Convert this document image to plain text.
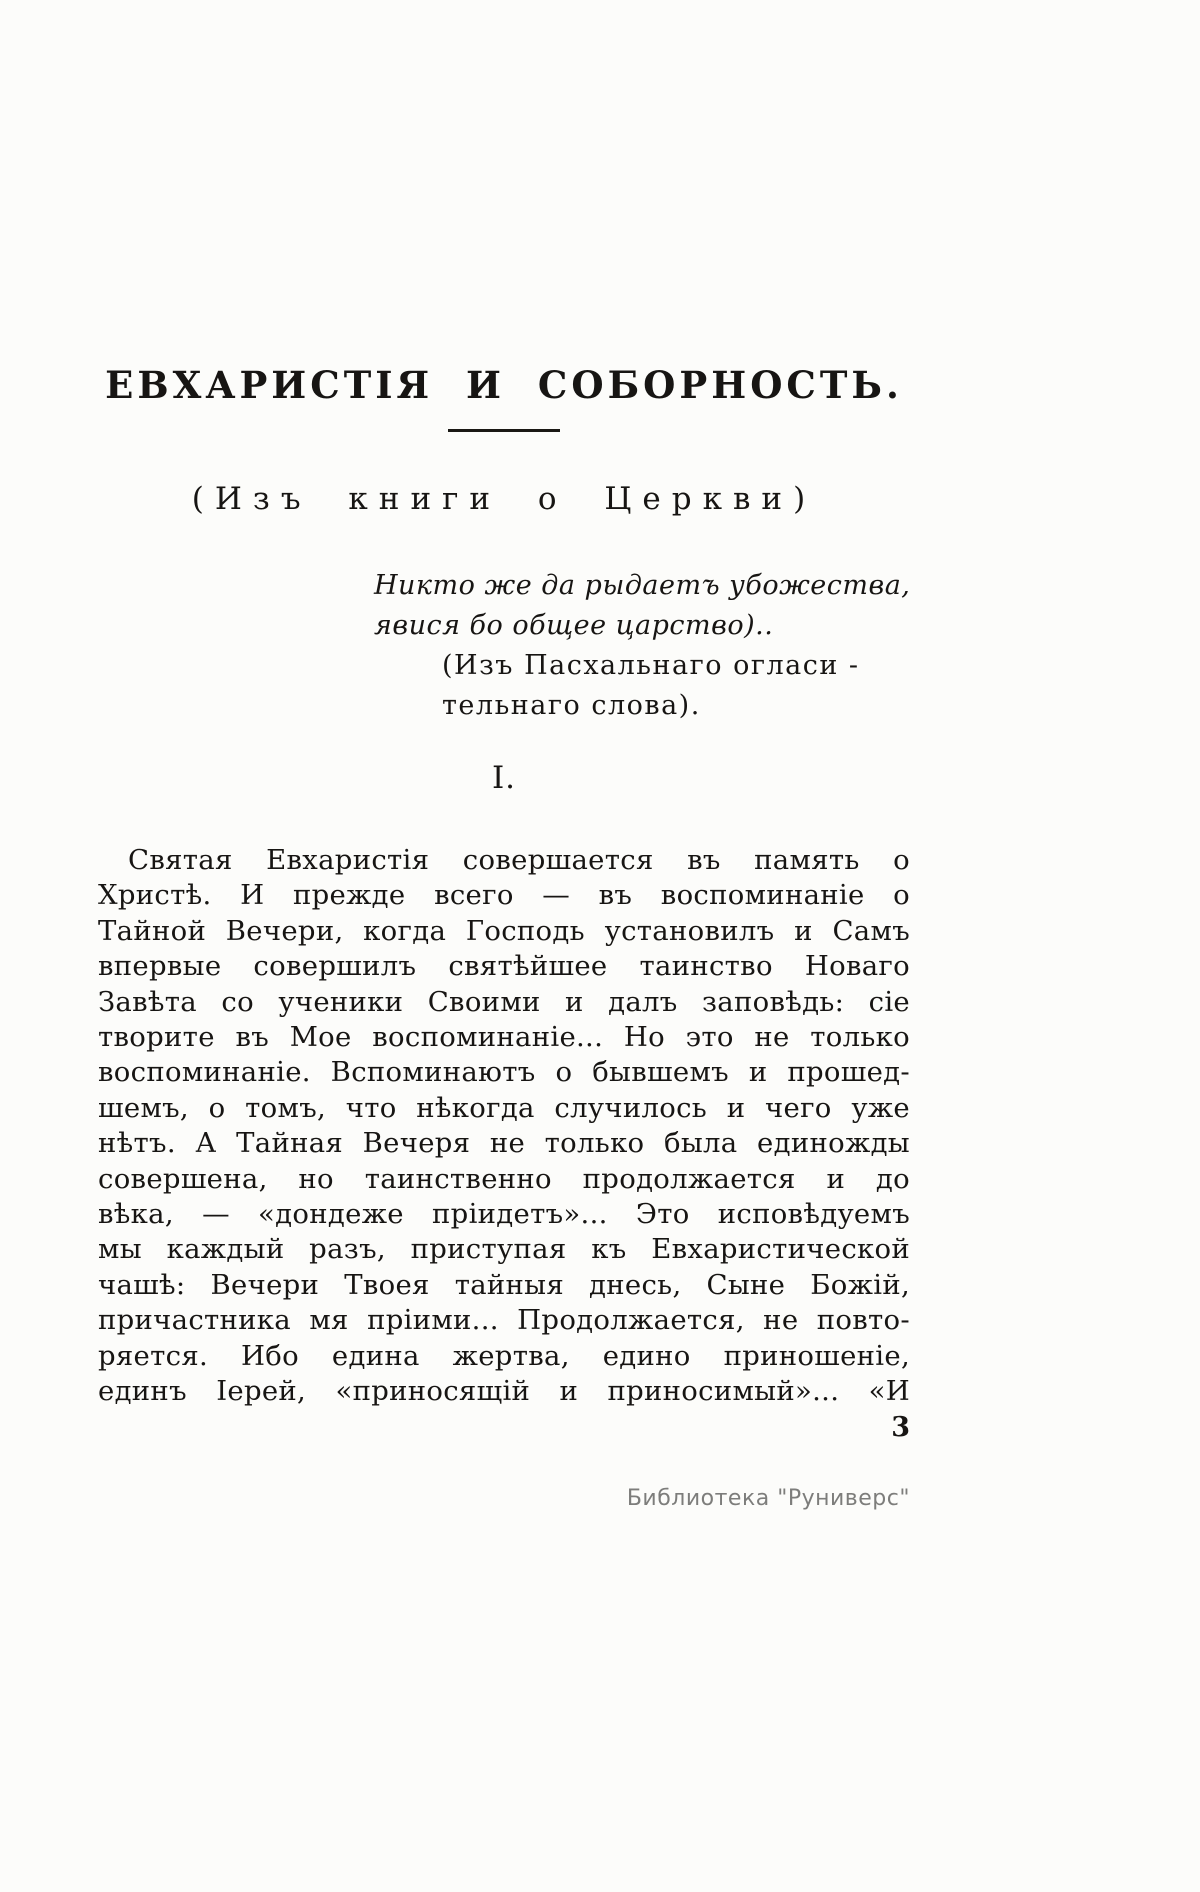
ЕВХАРИСТІЯ И СОБОРНОСТЬ.
(Изъ книги о Церкви)
Никто же да рыдаетъ убожества,
явися бо общее царство)..
(Изъ Пасхальнаго огласи -
тельнаго слова).
I.
Святая Евхаристія совершается въ память о
Христѣ. И прежде всего — въ воспоминаніе о
Тайной Вечери, когда Господь установилъ и Самъ
впервые совершилъ святѣйшее таинство Новаго
Завѣта со ученики Своими и далъ заповѣдь: сіе
творите въ Мое воспоминаніе... Но это не только
воспоминаніе. Вспоминаютъ о бывшемъ и прошед-
шемъ, о томъ, что нѣкогда случилось и чего уже
нѣтъ. А Тайная Вечеря не только была единожды
совершена, но таинственно продолжается и до
вѣка, — «дондеже пріидетъ»... Это исповѣдуемъ
мы каждый разъ, приступая къ Евхаристической
чашѣ: Вечери Твоея тайныя днесь, Сыне Божій,
причастника мя пріими... Продолжается, не повто-
ряется. Ибо едина жертва, едино приношеніе,
единъ Іерей, «приносящій и приносимый»... «И
3
Библиотека "Руниверс"
